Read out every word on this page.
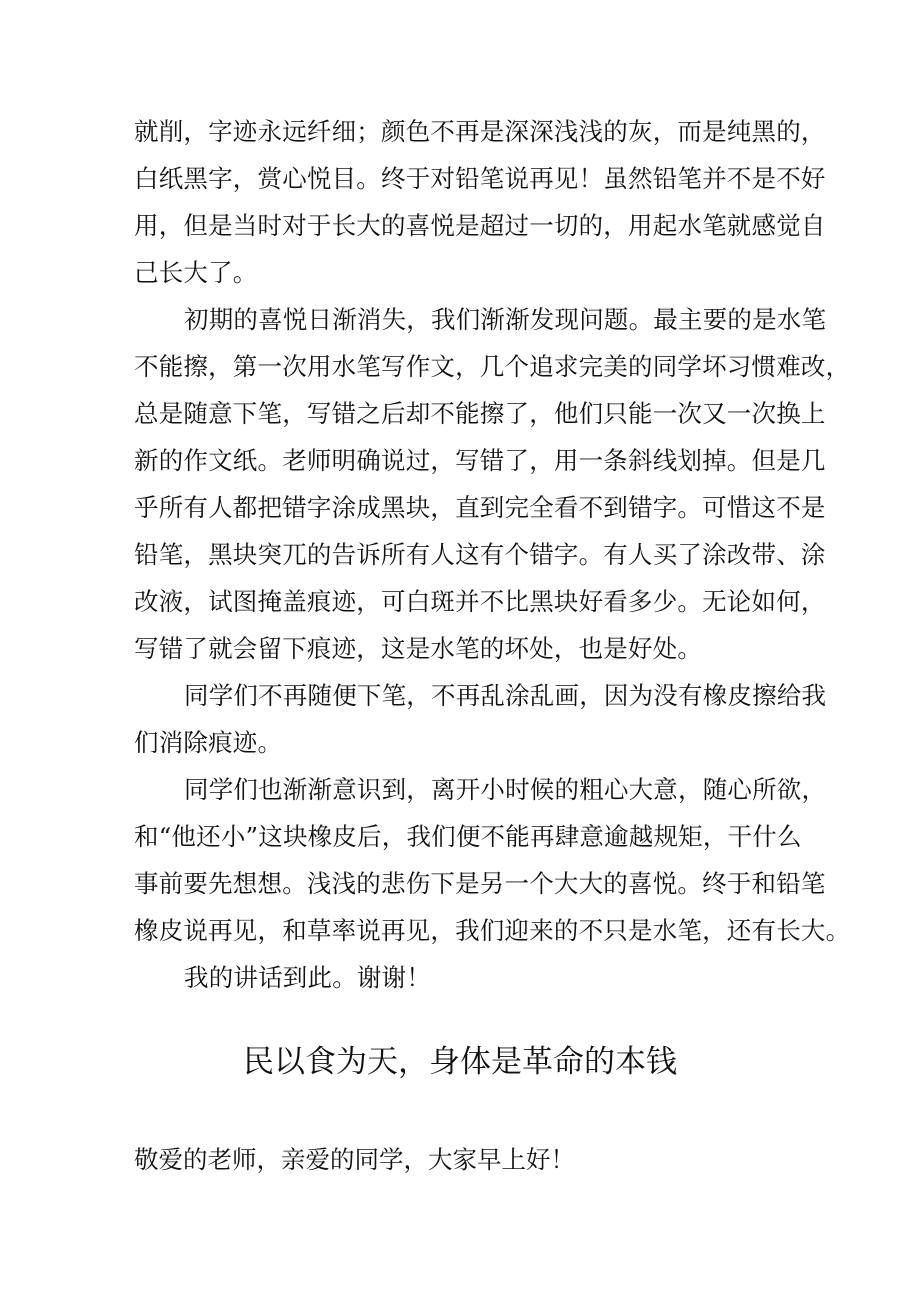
就削，字迹永远纤细；颜色不再是深深浅浅的灰，而是纯黑的，
白纸黑字，赏心悦目。终于对铅笔说再见！虽然铅笔并不是不好
用，但是当时对于长大的喜悦是超过一切的，用起水笔就感觉自
己长大了。
初期的喜悦日渐消失，我们渐渐发现问题。最主要的是水笔
不能擦，第一次用水笔写作文，几个追求完美的同学坏习惯难改，
总是随意下笔，写错之后却不能擦了，他们只能一次又一次换上
新的作文纸。老师明确说过，写错了，用一条斜线划掉。但是几
乎所有人都把错字涂成黑块，直到完全看不到错字。可惜这不是
铅笔，黑块突兀的告诉所有人这有个错字。有人买了涂改带、涂
改液，试图掩盖痕迹，可白斑并不比黑块好看多少。无论如何，
写错了就会留下痕迹，这是水笔的坏处，也是好处。
同学们不再随便下笔，不再乱涂乱画，因为没有橡皮擦给我
们消除痕迹。
同学们也渐渐意识到，离开小时候的粗心大意，随心所欲，
和“他还小”这块橡皮后，我们便不能再肆意逾越规矩，干什么
事前要先想想。浅浅的悲伤下是另一个大大的喜悦。终于和铅笔
橡皮说再见，和草率说再见，我们迎来的不只是水笔，还有长大。
我的讲话到此。谢谢！
民以食为天，身体是革命的本钱
敬爱的老师，亲爱的同学，大家早上好！
